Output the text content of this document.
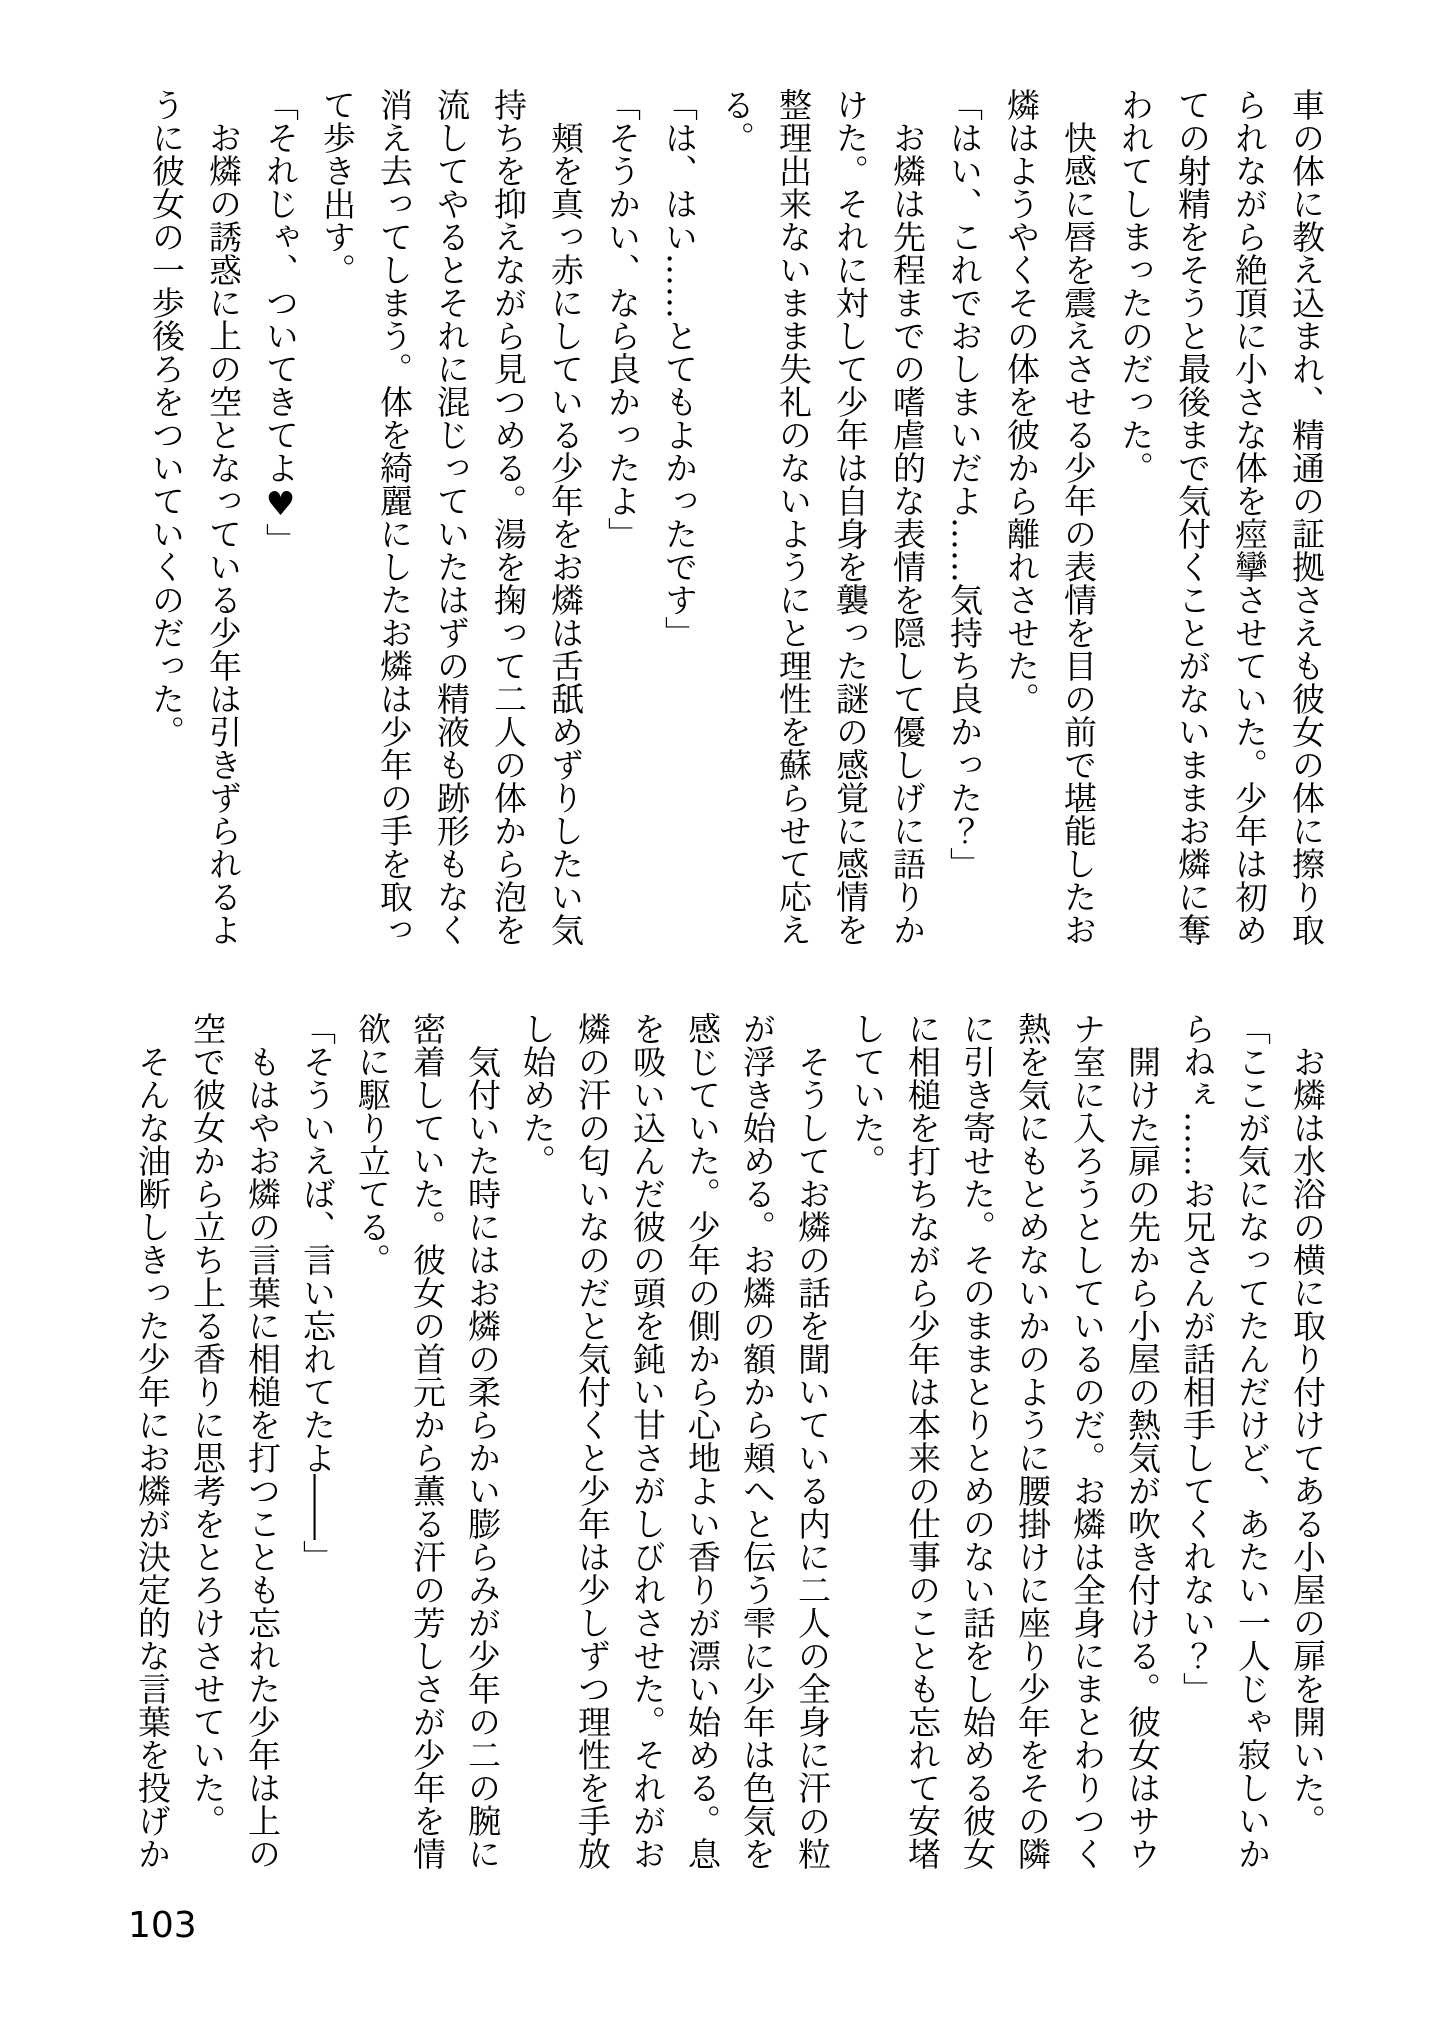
車の体に教え込まれ、精通の証拠さえも彼女の体に擦り取
られながら絶頂に小さな体を痙攣させていた。少年は初め
ての射精をそうと最後まで気付くことがないままお燐に奪
われてしまったのだった。
　快感に唇を震えさせる少年の表情を目の前で堪能したお
燐はようやくその体を彼から離れさせた。
「はい、これでおしまいだよ……気持ち良かった？」
　お燐は先程までの嗜虐的な表情を隠して優しげに語りか
けた。それに対して少年は自身を襲った謎の感覚に感情を
整理出来ないまま失礼のないようにと理性を蘇らせて応え
る。
「は、はい……とてもよかったです」
「そうかい、なら良かったよ」
　頬を真っ赤にしている少年をお燐は舌舐めずりしたい気
持ちを抑えながら見つめる。湯を掬って二人の体から泡を
流してやるとそれに混じっていたはずの精液も跡形もなく
消え去ってしまう。体を綺麗にしたお燐は少年の手を取っ
て歩き出す。
「それじゃ、ついてきてよ♥」
　お燐の誘惑に上の空となっている少年は引きずられるよ
うに彼女の一歩後ろをついていくのだった。
　お燐は水浴の横に取り付けてある小屋の扉を開いた。
「ここが気になってたんだけど、あたい一人じゃ寂しいか
らねぇ……お兄さんが話相手してくれない？」
　開けた扉の先から小屋の熱気が吹き付ける。彼女はサウ
ナ室に入ろうとしているのだ。お燐は全身にまとわりつく
熱を気にもとめないかのように腰掛けに座り少年をその隣
に引き寄せた。そのままとりとめのない話をし始める彼女
に相槌を打ちながら少年は本来の仕事のことも忘れて安堵
していた。
　そうしてお燐の話を聞いている内に二人の全身に汗の粒
が浮き始める。お燐の額から頬へと伝う雫に少年は色気を
感じていた。少年の側から心地よい香りが漂い始める。息
を吸い込んだ彼の頭を鈍い甘さがしびれさせた。それがお
燐の汗の匂いなのだと気付くと少年は少しずつ理性を手放
し始めた。
　気付いた時にはお燐の柔らかい膨らみが少年の二の腕に
密着していた。彼女の首元から薫る汗の芳しさが少年を情
欲に駆り立てる。
「そういえば、言い忘れてたよ――」
　もはやお燐の言葉に相槌を打つことも忘れた少年は上の
空で彼女から立ち上る香りに思考をとろけさせていた。
　そんな油断しきった少年にお燐が決定的な言葉を投げか
103
